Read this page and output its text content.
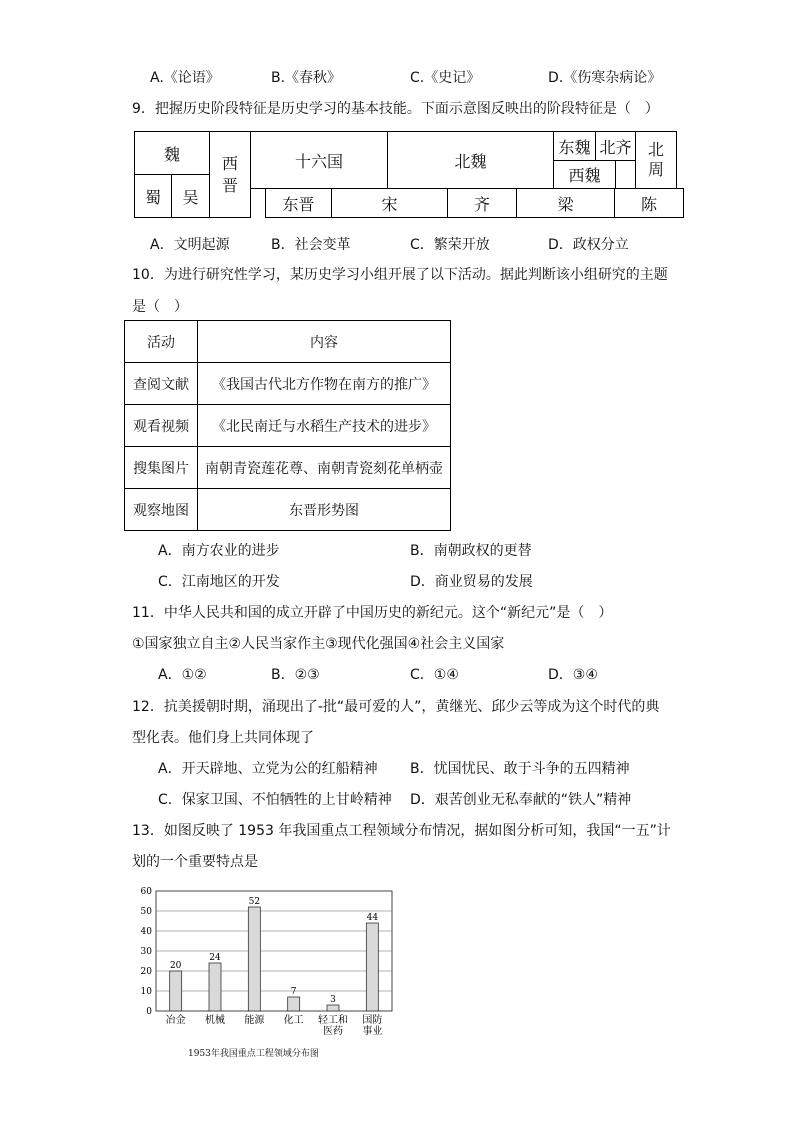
A.《论语》	B.《春秋》	C.《史记》	D.《伤寒杂病论》
9．把握历史阶段特征是历史学习的基本技能。下面示意图反映出的阶段特征是（　）
魏
蜀	吴
西
晋
十六国	北魏
东魏 北齐
西魏
北
周
东晋	宋	齐	梁	陈
A．文明起源	B．社会变革	C．繁荣开放	D．政权分立
10．为进行研究性学习，某历史学习小组开展了以下活动。据此判断该小组研究的主题
是（　）
活动	内容
查阅文献	《我国古代北方作物在南方的推广》
观看视频	《北民南迁与水稻生产技术的进步》
搜集图片	南朝青瓷莲花尊、南朝青瓷刻花单柄壶
观察地图	东晋形势图
A．南方农业的进步	B．南朝政权的更替
C．江南地区的开发	D．商业贸易的发展
11．中华人民共和国的成立开辟了中国历史的新纪元。这个“新纪元”是（　）
①国家独立自主②人民当家作主③现代化强国④社会主义国家
A．①②	B．②③	C．①④	D．③④
12．抗美援朝时期，涌现出了-批“最可爱的人”，黄继光、邱少云等成为这个时代的典
型化表。他们身上共同体现了
A．开天辟地、立党为公的红船精神 B．忧国忧民、敢于斗争的五四精神
C．保家卫国、不怕牺牲的上甘岭精神 D．艰苦创业无私奉献的“铁人”精神
13．如图反映了 1953 年我国重点工程领域分布情况，据如图分析可知，我国“一五”计
划的一个重要特点是
0
10
20
30
40
50
60
20
冶金
24
机械
52
能源
7
化工
3
轻工和
医药
44
国防
事业
1953年我国重点工程领域分布图
